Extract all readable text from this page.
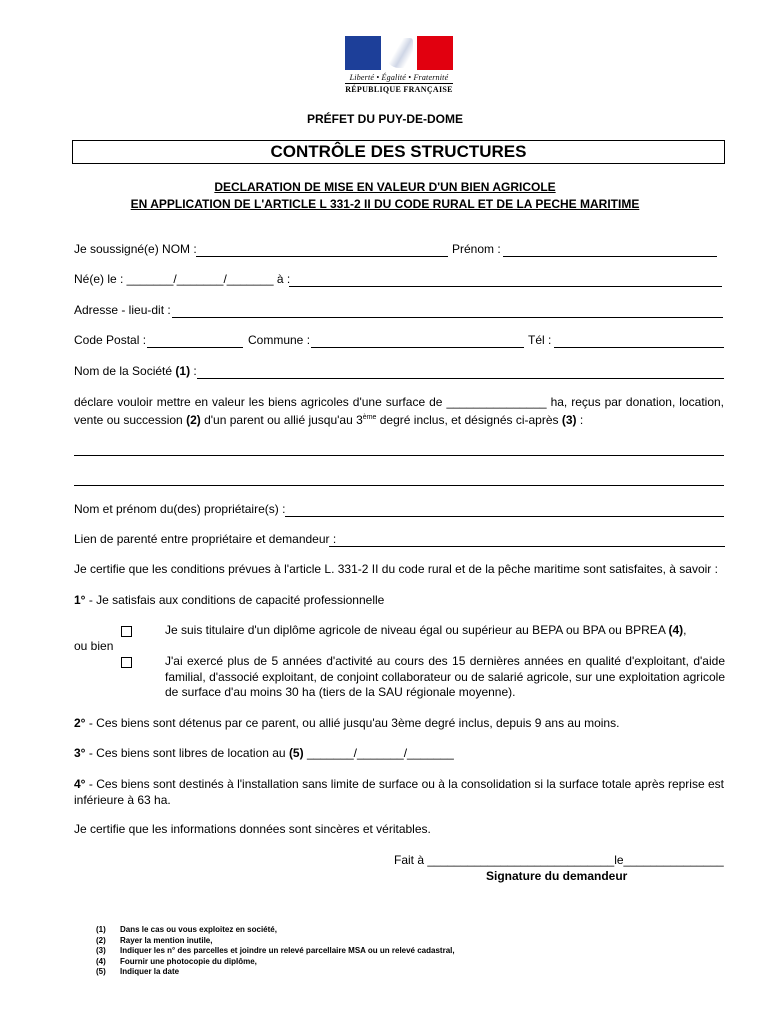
Liberté • Égalité • Fraternité
RÉPUBLIQUE FRANÇAISE
PRÉFET DU PUY-DE-DOME
CONTRÔLE DES STRUCTURES
DECLARATION DE MISE EN VALEUR D'UN BIEN AGRICOLE
EN APPLICATION DE L'ARTICLE L 331-2 II DU CODE RURAL ET DE LA PECHE MARITIME
Je soussigné(e) NOM :	Prénom :
Né(e) le : _______/_______/_______ à :
Adresse - lieu-dit :
Code Postal :	Commune :	Tél :
Nom de la Société (1) :
déclare vouloir mettre en valeur les biens agricoles d'une surface de _______________ ha, reçus par donation, location, vente ou succession (2) d'un parent ou allié jusqu'au 3ème degré inclus, et désignés ci-après (3) :
Nom et prénom du(des) propriétaire(s) :
Lien de parenté entre propriétaire et demandeur :
Je certifie que les conditions prévues à l'article L. 331-2 II du code rural et de la pêche maritime sont satisfaites, à savoir :
1° - Je satisfais aux conditions de capacité professionnelle
Je suis titulaire d'un diplôme agricole de niveau égal ou supérieur au BEPA ou BPA ou BPREA (4),
ou bien
J'ai exercé plus de 5 années d'activité au cours des 15 dernières années en qualité d'exploitant, d'aide familial, d'associé exploitant, de conjoint collaborateur ou de salarié agricole, sur une exploitation agricole de surface d'au moins 30 ha (tiers de la SAU régionale moyenne).
2° - Ces biens sont détenus par ce parent, ou allié jusqu'au 3ème degré inclus, depuis 9 ans au moins.
3° - Ces biens sont libres de location au (5) _______/_______/_______
4° - Ces biens sont destinés à l'installation sans limite de surface ou à la consolidation si la surface totale après reprise est inférieure à 63 ha.
Je certifie que les informations données sont sincères et véritables.
Fait à ____________________________le_______________
Signature du demandeur
(1) Dans le cas ou vous exploitez en société,
(2) Rayer la mention inutile,
(3) Indiquer les n° des parcelles et joindre un relevé parcellaire MSA ou un relevé cadastral,
(4) Fournir une photocopie du diplôme,
(5) Indiquer la date
